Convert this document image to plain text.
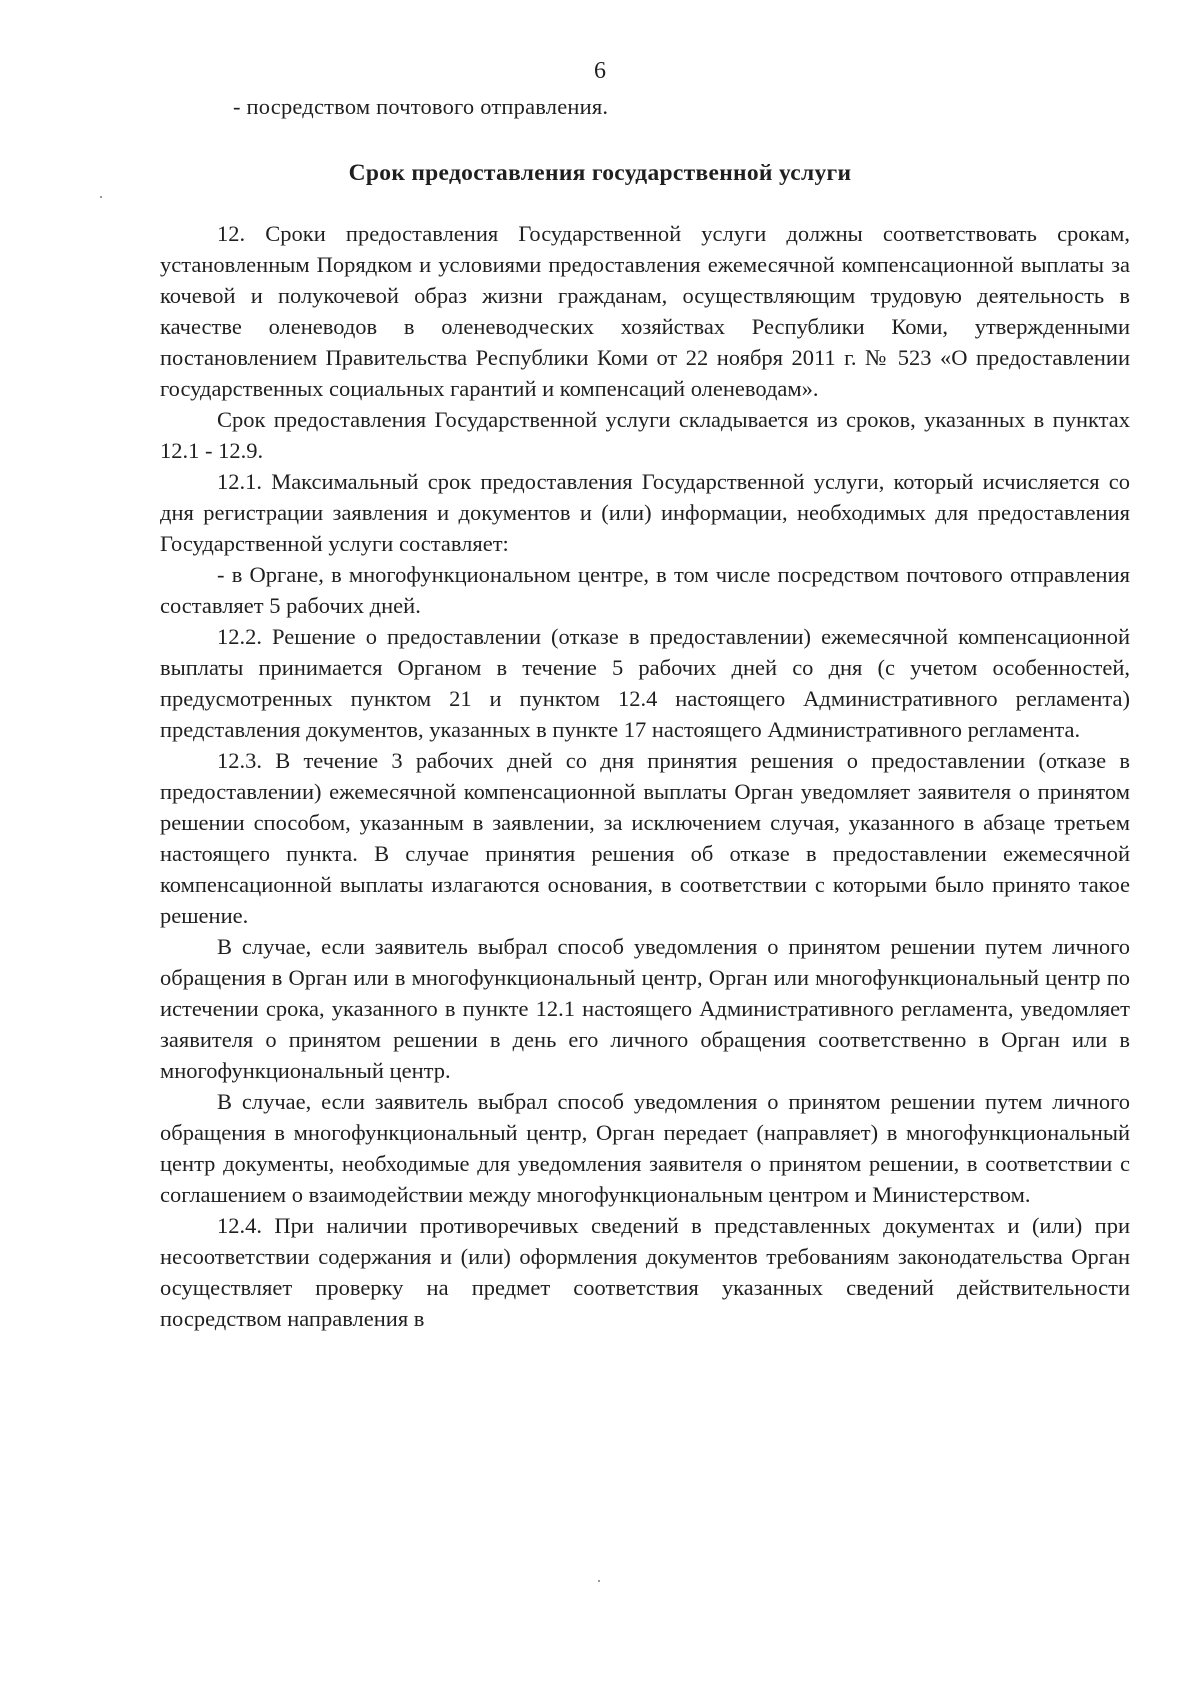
6
- посредством почтового отправления.
Срок предоставления государственной услуги

12. Сроки предоставления Государственной услуги должны соответствовать срокам, установленным Порядком и условиями предоставления ежемесячной компенсационной выплаты за кочевой и полукочевой образ жизни гражданам, осуществляющим трудовую деятельность в качестве оленеводов в оленеводческих хозяйствах Республики Коми, утвержденными постановлением Правительства Республики Коми от 22 ноября 2011 г. № 523 «О предоставлении государственных социальных гарантий и компенсаций оленеводам».

Срок предоставления Государственной услуги складывается из сроков, указанных в пунктах 12.1 - 12.9.

12.1. Максимальный срок предоставления Государственной услуги, который исчисляется со дня регистрации заявления и документов и (или) информации, необходимых для предоставления Государственной услуги составляет:

- в Органе, в многофункциональном центре, в том числе посредством почтового отправления составляет 5 рабочих дней.

12.2. Решение о предоставлении (отказе в предоставлении) ежемесячной компенсационной выплаты принимается Органом в течение 5 рабочих дней со дня (с учетом особенностей, предусмотренных пунктом 21 и пунктом 12.4 настоящего Административного регламента) представления документов, указанных в пункте 17 настоящего Административного регламента.

12.3. В течение 3 рабочих дней со дня принятия решения о предоставлении (отказе в предоставлении) ежемесячной компенсационной выплаты Орган уведомляет заявителя о принятом решении способом, указанным в заявлении, за исключением случая, указанного в абзаце третьем настоящего пункта. В случае принятия решения об отказе в предоставлении ежемесячной компенсационной выплаты излагаются основания, в соответствии с которыми было принято такое решение.

В случае, если заявитель выбрал способ уведомления о принятом решении путем личного обращения в Орган или в многофункциональный центр, Орган или многофункциональный центр по истечении срока, указанного в пункте 12.1 настоящего Административного регламента, уведомляет заявителя о принятом решении в день его личного обращения соответственно в Орган или в многофункциональный центр.

В случае, если заявитель выбрал способ уведомления о принятом решении путем личного обращения в многофункциональный центр, Орган передает (направляет) в многофункциональный центр документы, необходимые для уведомления заявителя о принятом решении, в соответствии с соглашением о взаимодействии между многофункциональным центром и Министерством.

12.4. При наличии противоречивых сведений в представленных документах и (или) при несоответствии содержания и (или) оформления документов требованиям законодательства Орган осуществляет проверку на предмет соответствия указанных сведений действительности посредством направления в
